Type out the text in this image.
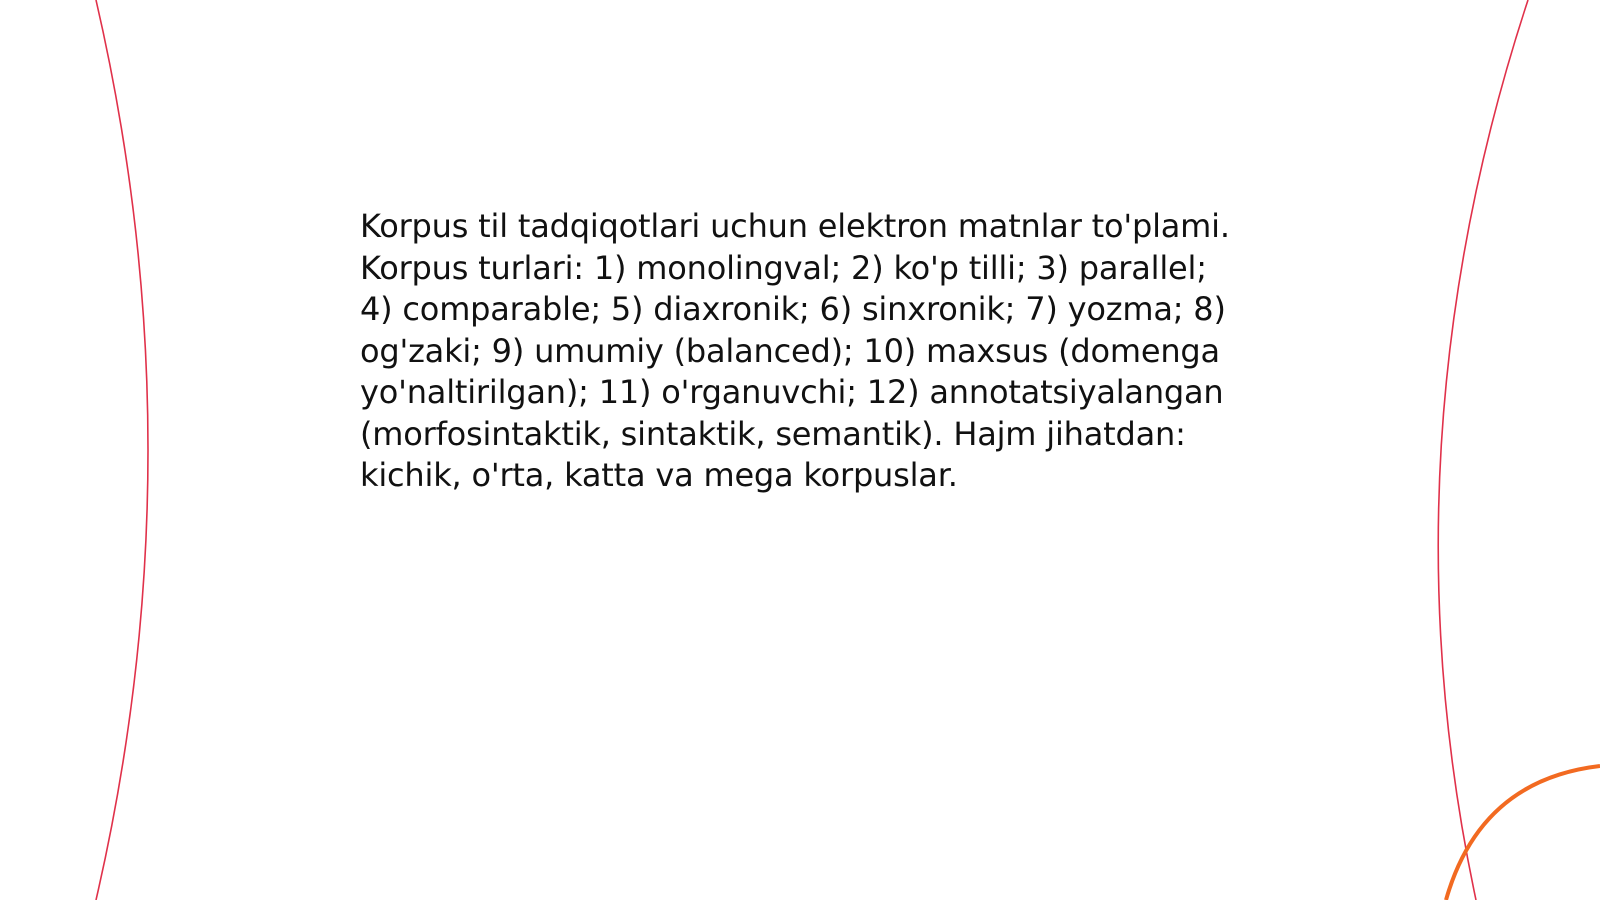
Korpus til tadqiqotlari uchun elektron matnlar to'plami. Korpus turlari: 1) monolingval; 2) ko'p tilli; 3) parallel; 4) comparable; 5) diaxronik; 6) sinxronik; 7) yozma; 8) og'zaki; 9) umumiy (balanced); 10) maxsus (domenga yo'naltirilgan); 11) o'rganuvchi; 12) annotatsiyalangan (morfosintaktik, sintaktik, semantik). Hajm jihatdan: kichik, o'rta, katta va mega korpuslar.
